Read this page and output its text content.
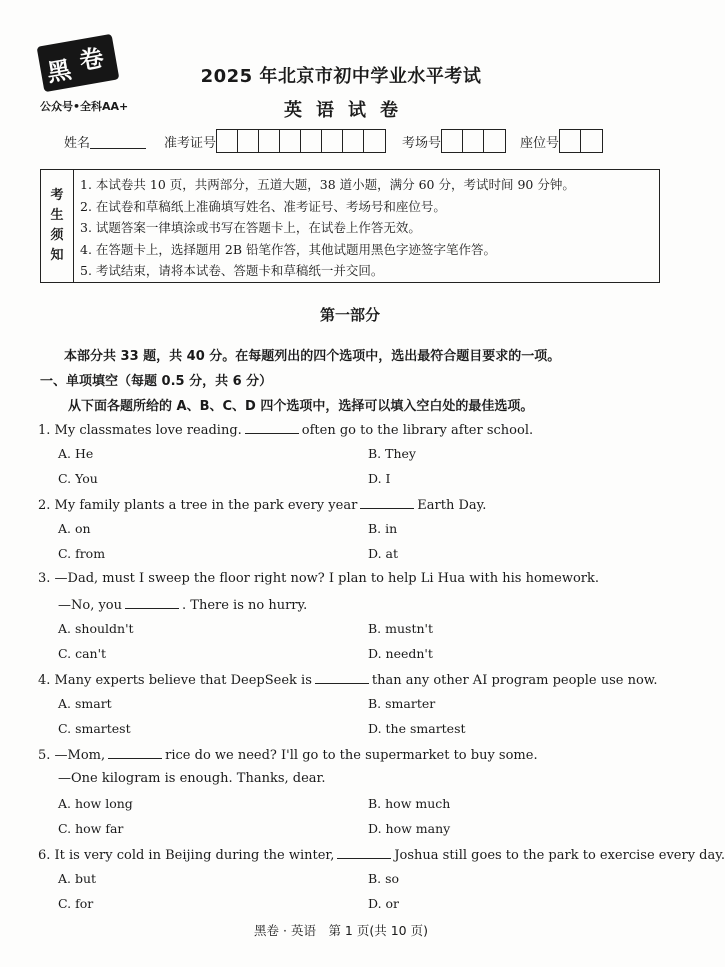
黑 卷
公众号•全科AA+
2025 年北京市初中学业水平考试
英语试卷
姓名	准考证号	考场号	座位号
考
生
须
知
1. 本试卷共 10 页，共两部分，五道大题，38 道小题，满分 60 分，考试时间 90 分钟。
2. 在试卷和草稿纸上准确填写姓名、准考证号、考场号和座位号。
3. 试题答案一律填涂或书写在答题卡上，在试卷上作答无效。
4. 在答题卡上，选择题用 2B 铅笔作答，其他试题用黑色字迹签字笔作答。
5. 考试结束，请将本试卷、答题卡和草稿纸一并交回。
第一部分
本部分共 33 题，共 40 分。在每题列出的四个选项中，选出最符合题目要求的一项。
一、单项填空（每题 0.5 分，共 6 分）
从下面各题所给的 A、B、C、D 四个选项中，选择可以填入空白处的最佳选项。
1. My classmates love reading.	often go to the library after school.
A. He	B. They
C. You	D. I
2. My family plants a tree in the park every year	Earth Day.
A. on	B. in
C. from	D. at
3. —Dad, must I sweep the floor right now? I plan to help Li Hua with his homework.
—No, you	. There is no hurry.
A. shouldn't	B. mustn't
C. can't	D. needn't
4. Many experts believe that DeepSeek is	than any other AI program people use now.
A. smart	B. smarter
C. smartest	D. the smartest
5. —Mom,	rice do we need? I'll go to the supermarket to buy some.
—One kilogram is enough. Thanks, dear.
A. how long	B. how much
C. how far	D. how many
6. It is very cold in Beijing during the winter,	Joshua still goes to the park to exercise every day.
A. but	B. so
C. for	D. or
黑卷 · 英语　第 1 页(共 10 页)
